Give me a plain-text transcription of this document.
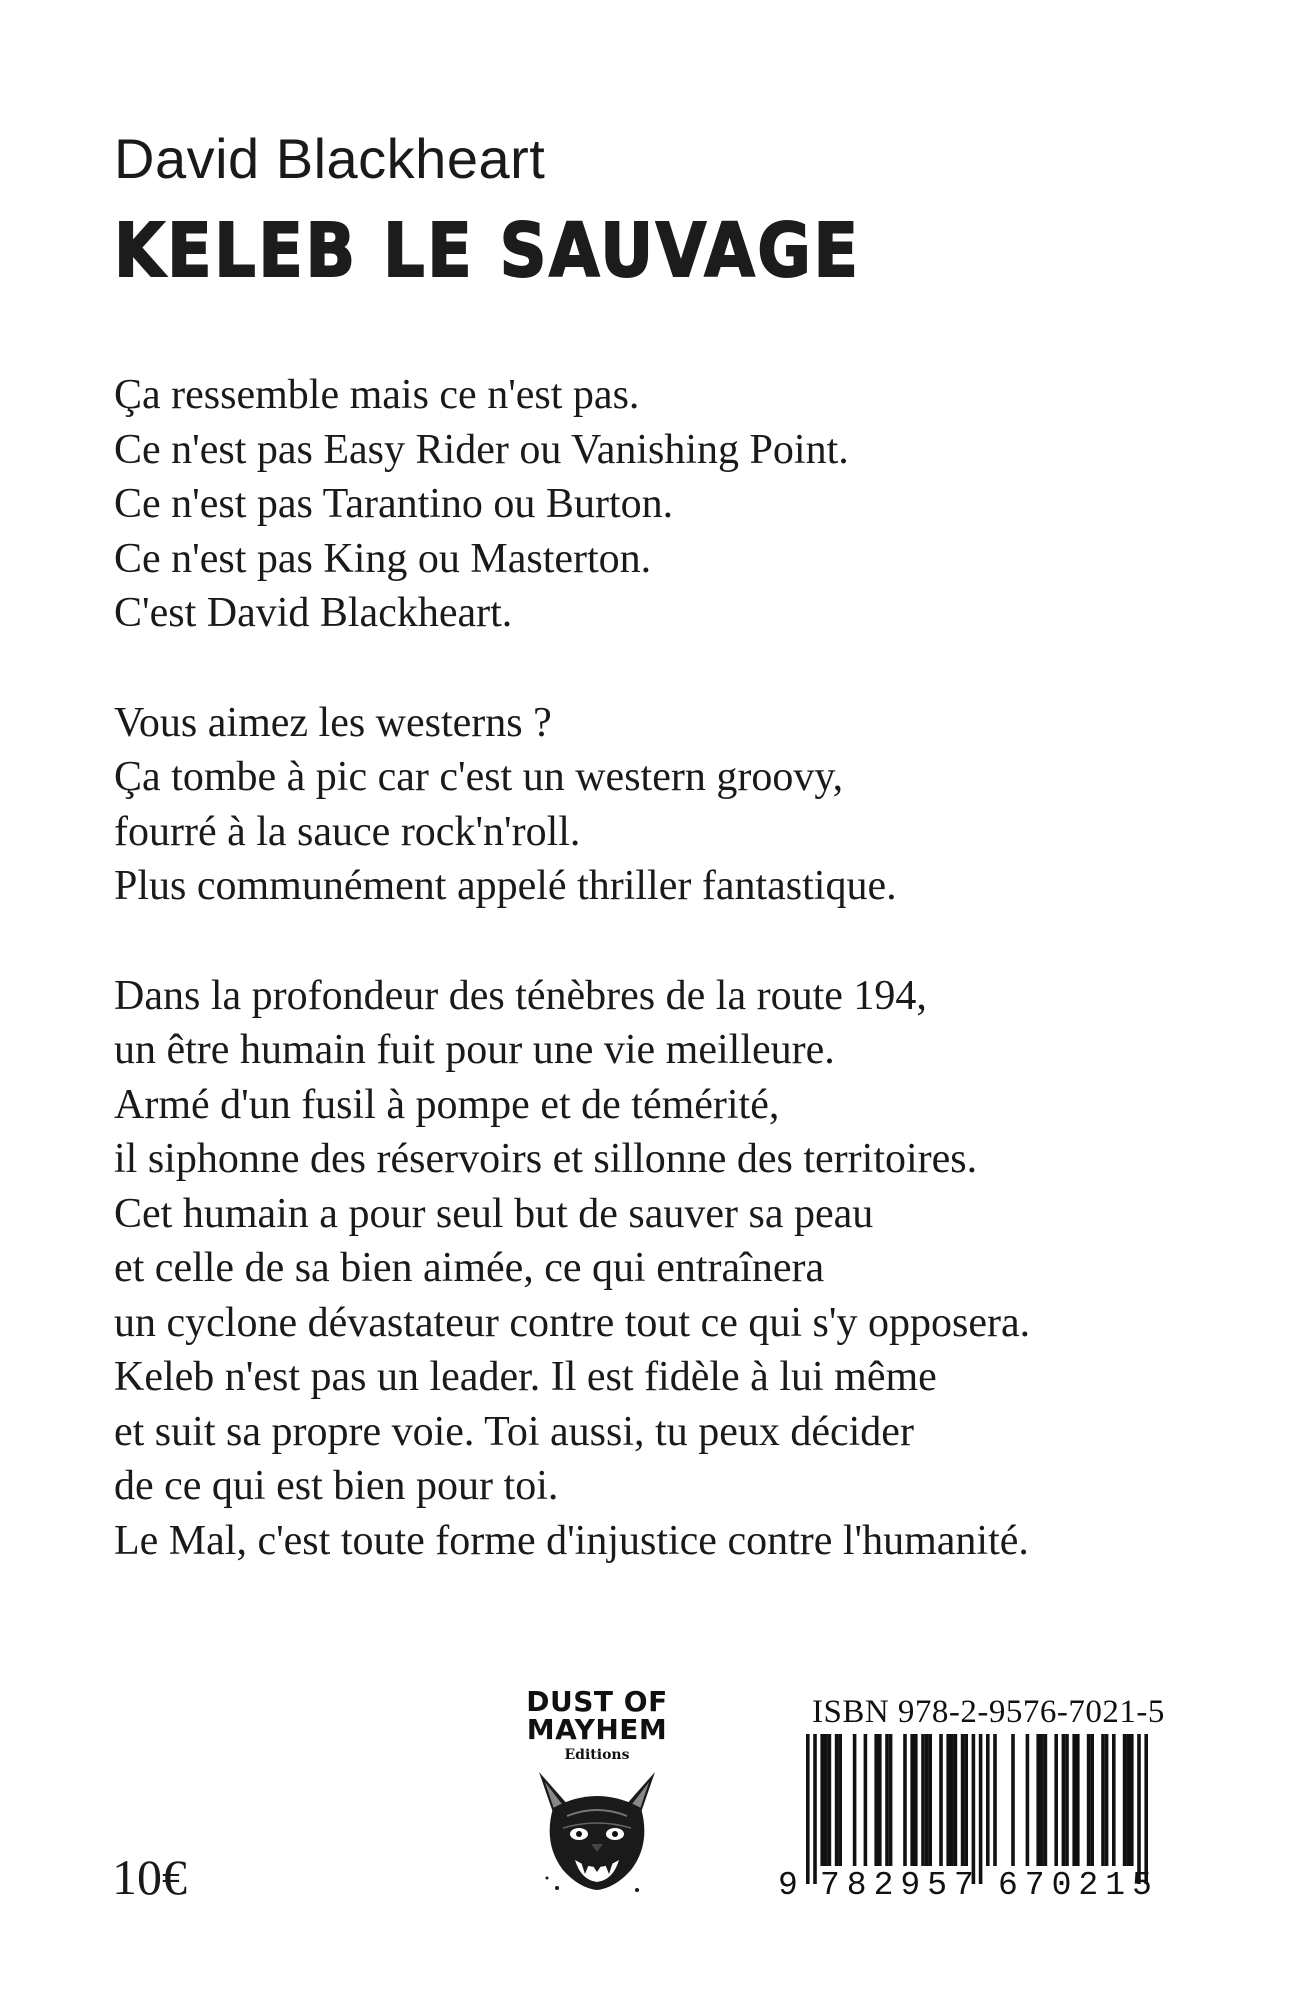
David Blackheart
KELEB LE SAUVAGE
Ça ressemble mais ce n'est pas.
Ce n'est pas Easy Rider ou Vanishing Point.
Ce n'est pas Tarantino ou Burton.
Ce n'est pas King ou Masterton.
C'est David Blackheart.
Vous aimez les westerns ?
Ça tombe à pic car c'est un western groovy,
fourré à la sauce rock'n'roll.
Plus communément appelé thriller fantastique.
Dans la profondeur des ténèbres de la route 194,
un être humain fuit pour une vie meilleure.
Armé d'un fusil à pompe et de témérité,
il siphonne des réservoirs et sillonne des territoires.
Cet humain a pour seul but de sauver sa peau
et celle de sa bien aimée, ce qui entraînera
un cyclone dévastateur contre tout ce qui s'y opposera.
Keleb n'est pas un leader. Il est fidèle à lui même
et suit sa propre voie. Toi aussi, tu peux décider
de ce qui est bien pour toi.
Le Mal, c'est toute forme d'injustice contre l'humanité.
10€
DUST OF
MAYHEM
Editions
ISBN 978-2-9576-7021-5
9 782957 670215
